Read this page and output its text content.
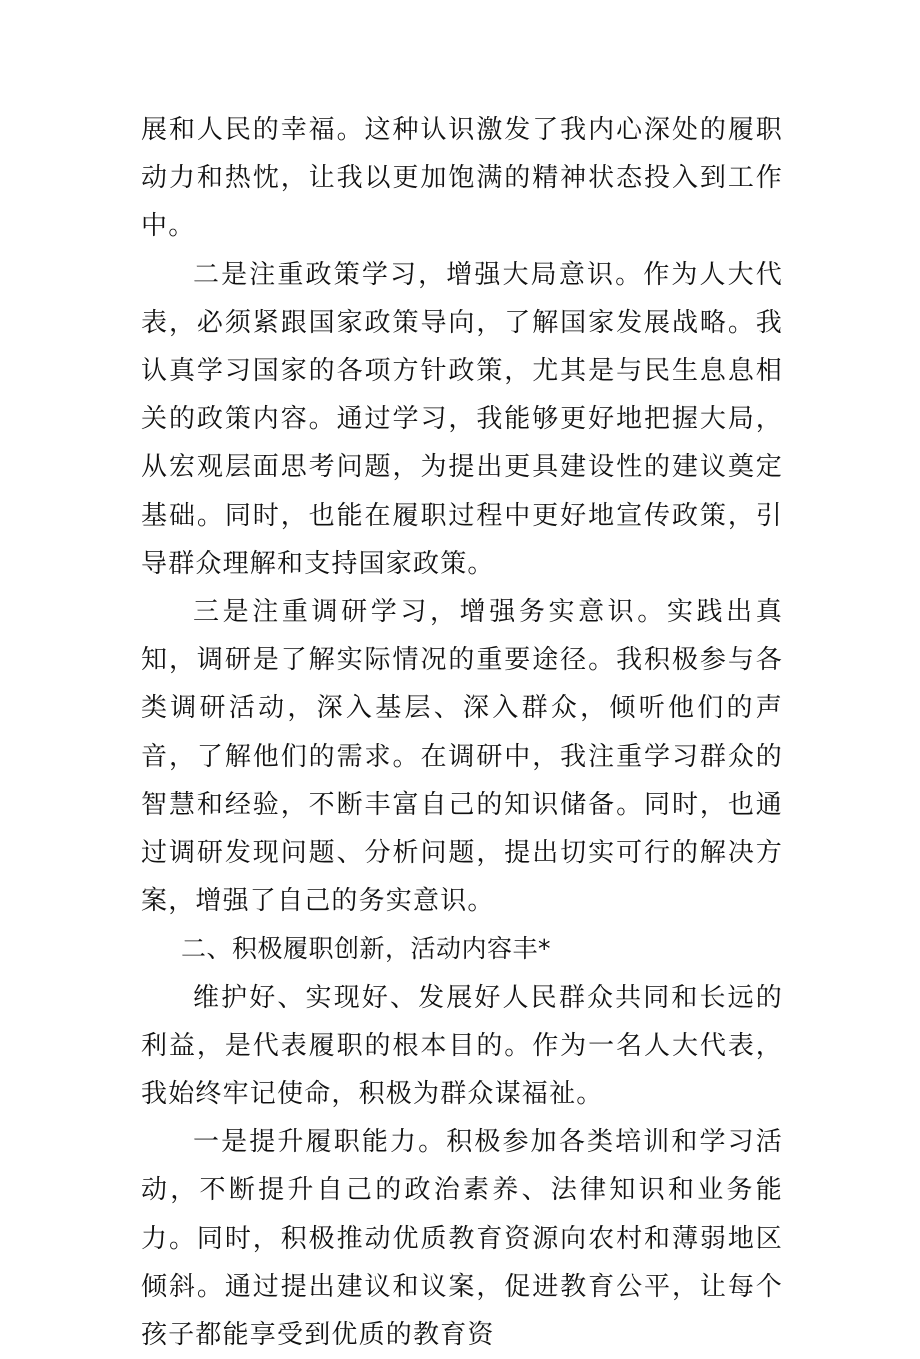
展和人民的幸福。这种认识激发了我内心深处的履职动力和热忱，让我以更加饱满的精神状态投入到工作中。

二是注重政策学习，增强大局意识。作为人大代表，必须紧跟国家政策导向，了解国家发展战略。我认真学习国家的各项方针政策，尤其是与民生息息相关的政策内容。通过学习，我能够更好地把握大局，从宏观层面思考问题，为提出更具建设性的建议奠定基础。同时，也能在履职过程中更好地宣传政策，引导群众理解和支持国家政策。

三是注重调研学习，增强务实意识。实践出真知，调研是了解实际情况的重要途径。我积极参与各类调研活动，深入基层、深入群众，倾听他们的声音，了解他们的需求。在调研中，我注重学习群众的智慧和经验，不断丰富自己的知识储备。同时，也通过调研发现问题、分析问题，提出切实可行的解决方案，增强了自己的务实意识。

二、积极履职创新，活动内容丰*

维护好、实现好、发展好人民群众共同和长远的利益，是代表履职的根本目的。作为一名人大代表，我始终牢记使命，积极为群众谋福祉。

一是提升履职能力。积极参加各类培训和学习活动，不断提升自己的政治素养、法律知识和业务能力。同时，积极推动优质教育资源向农村和薄弱地区倾斜。通过提出建议和议案，促进教育公平，让每个孩子都能享受到优质的教育资
